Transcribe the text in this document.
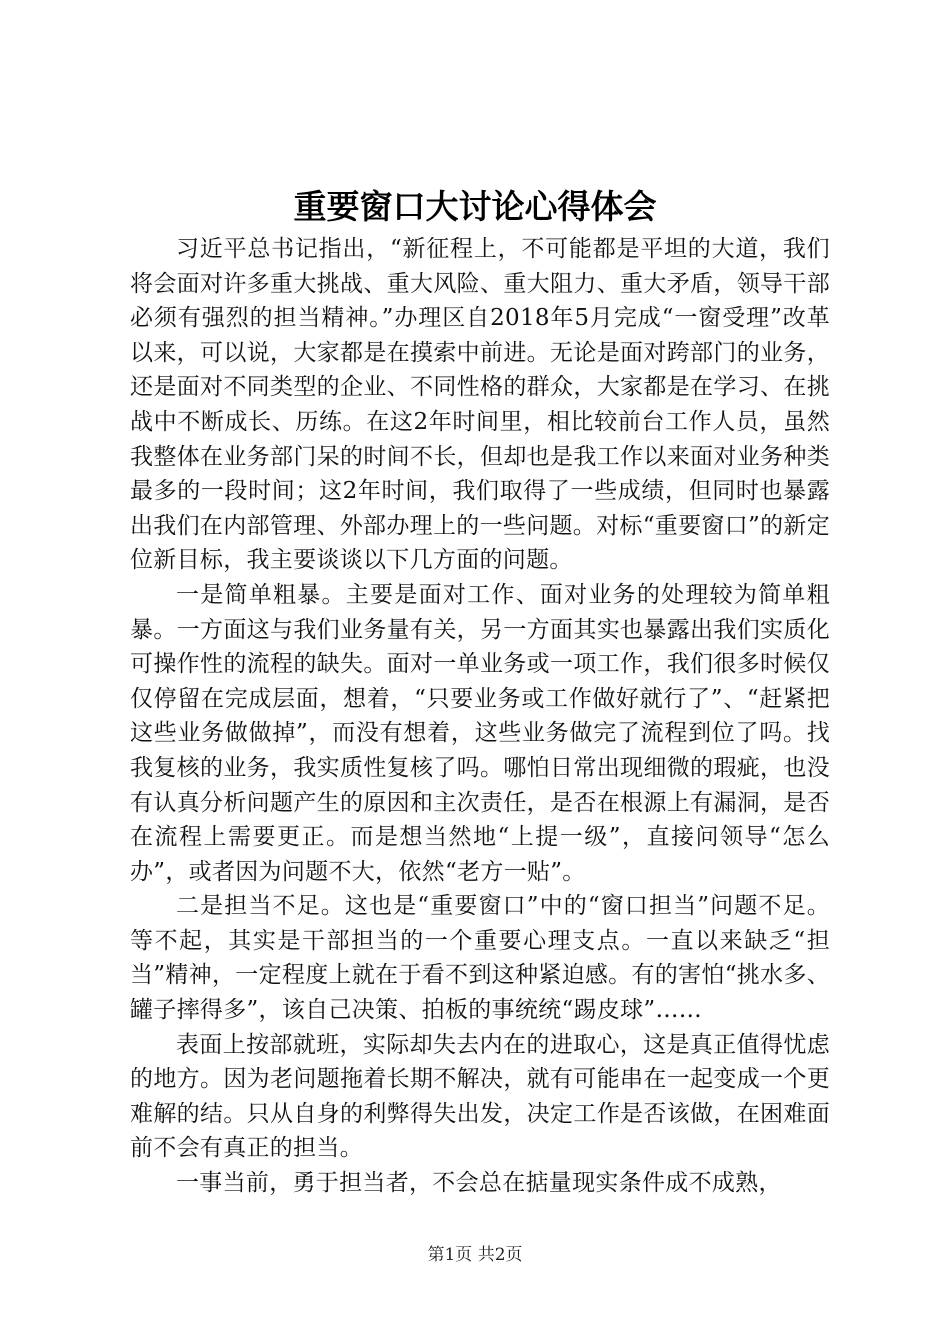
重要窗口大讨论心得体会

习近平总书记指出，“新征程上，不可能都是平坦的大道，我们将会面对许多重大挑战、重大风险、重大阻力、重大矛盾，领导干部必须有强烈的担当精神。”办理区自2018年5月完成“一窗受理”改革以来，可以说，大家都是在摸索中前进。无论是面对跨部门的业务，还是面对不同类型的企业、不同性格的群众，大家都是在学习、在挑战中不断成长、历练。在这2年时间里，相比较前台工作人员，虽然我整体在业务部门呆的时间不长，但却也是我工作以来面对业务种类最多的一段时间；这2年时间，我们取得了一些成绩，但同时也暴露出我们在内部管理、外部办理上的一些问题。对标“重要窗口”的新定位新目标，我主要谈谈以下几方面的问题。

一是简单粗暴。主要是面对工作、面对业务的处理较为简单粗暴。一方面这与我们业务量有关，另一方面其实也暴露出我们实质化可操作性的流程的缺失。面对一单业务或一项工作，我们很多时候仅仅停留在完成层面，想着，“只要业务或工作做好就行了”、“赶紧把这些业务做做掉”，而没有想着，这些业务做完了流程到位了吗。找我复核的业务，我实质性复核了吗。哪怕日常出现细微的瑕疵，也没有认真分析问题产生的原因和主次责任，是否在根源上有漏洞，是否在流程上需要更正。而是想当然地“上提一级”，直接问领导“怎么办”，或者因为问题不大，依然“老方一贴”。

二是担当不足。这也是“重要窗口”中的“窗口担当”问题不足。等不起，其实是干部担当的一个重要心理支点。一直以来缺乏“担当”精神，一定程度上就在于看不到这种紧迫感。有的害怕“挑水多、罐子摔得多”，该自己决策、拍板的事统统“踢皮球”……

表面上按部就班，实际却失去内在的进取心，这是真正值得忧虑的地方。因为老问题拖着长期不解决，就有可能串在一起变成一个更难解的结。只从自身的利弊得失出发，决定工作是否该做，在困难面前不会有真正的担当。

一事当前，勇于担当者，不会总在掂量现实条件成不成熟，

第1页 共2页
